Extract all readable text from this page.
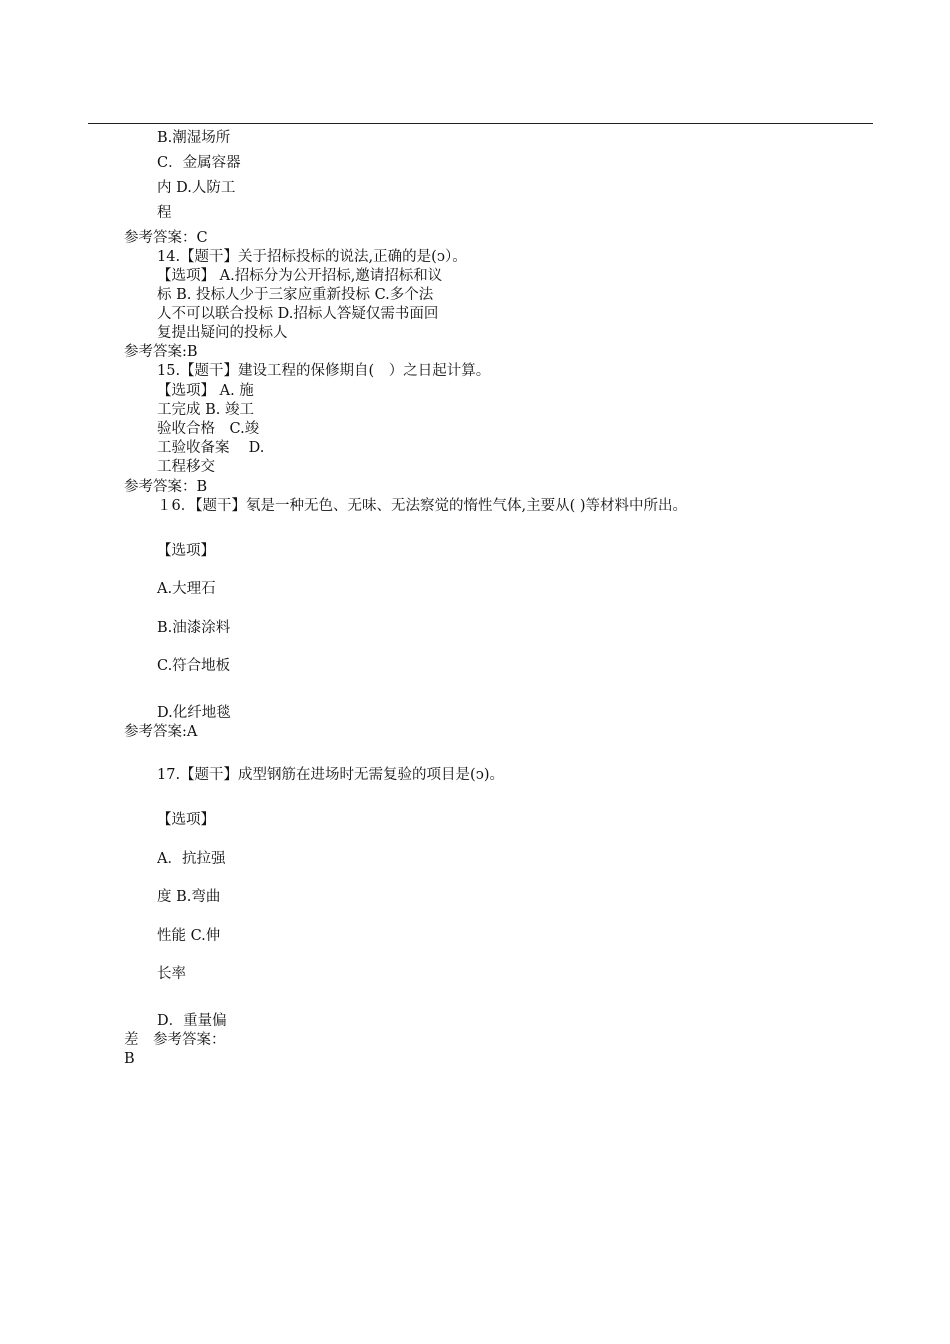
B.潮湿场所
C．金属容器
内 D.人防工
程
参考答案：C
14.【题干】关于招标投标的说法,正确的是(ↄ）。
【选项】 A.招标分为公开招标,邀请招标和议
标 B. 投标人少于三家应重新投标 C.多个法
人不可以联合投标 D.招标人答疑仅需书面回
复提出疑问的投标人
参考答案:B
15.【题干】建设工程的保修期自(　）之日起计算。
【选项】 A. 施
工完成 B. 竣工
验收合格　C.竣
工验收备案　 D.
工程移交
参考答案：B
１6．【题干】氡是一种无色、无味、无法察觉的惰性气体,主要从( )等材料中所出。
【选项】
A.大理石
B.油漆涂料
C.符合地板
D.化纤地毯
参考答案:A
17.【题干】成型钢筋在进场时无需复验的项目是(ↄ)。
【选项】
A．抗拉强
度 B.弯曲
性能 C.伸
长率
D．重量偏
差　参考答案：
B
